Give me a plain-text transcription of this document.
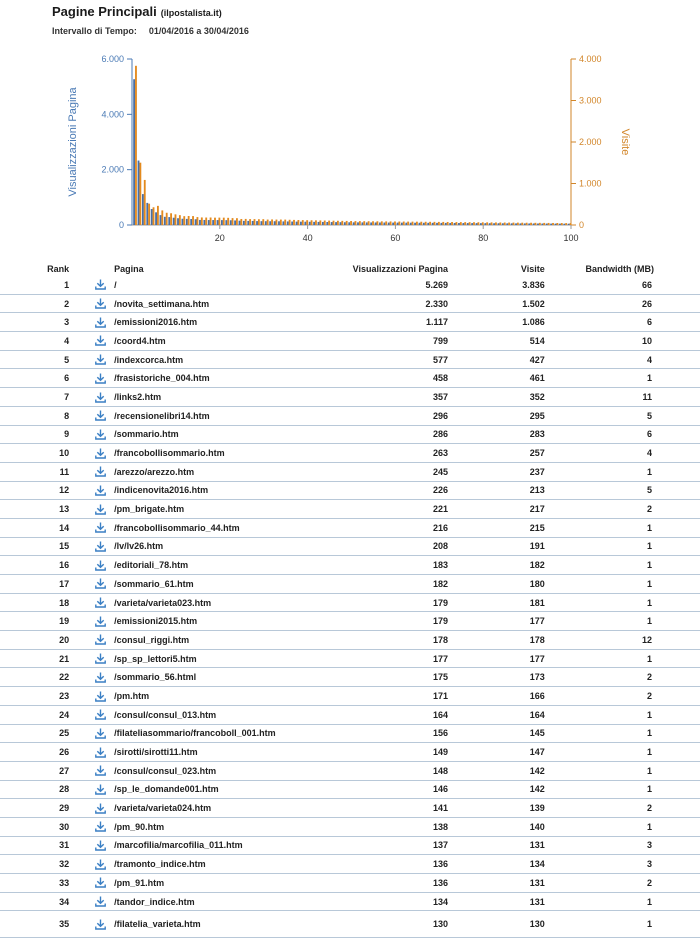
Pagine Principali (ilpostalista.it)
Intervallo di Tempo: 01/04/2016 a 30/04/2016
0
2.000
4.000
6.000
0
1.000
2.000
3.000
4.000
20	40	60	80	100
Visualizzazioni Pagina	Visite
Rank		Pagina	Visualizzazioni Pagina	Visite	Bandwidth (MB)
1		/	5.269	3.836	66
2		/novita_settimana.htm	2.330	1.502	26
3		/emissioni2016.htm	1.117	1.086	6
4		/coord4.htm	799	514	10
5		/indexcorca.htm	577	427	4
6		/frasistoriche_004.htm	458	461	1
7		/links2.htm	357	352	11
8		/recensionelibri14.htm	296	295	5
9		/sommario.htm	286	283	6
10		/francobollisommario.htm	263	257	4
11		/arezzo/arezzo.htm	245	237	1
12		/indicenovita2016.htm	226	213	5
13		/pm_brigate.htm	221	217	2
14		/francobollisommario_44.htm	216	215	1
15		/lv/lv26.htm	208	191	1
16		/editoriali_78.htm	183	182	1
17		/sommario_61.htm	182	180	1
18		/varieta/varieta023.htm	179	181	1
19		/emissioni2015.htm	179	177	1
20		/consul_riggi.htm	178	178	12
21		/sp_sp_lettori5.htm	177	177	1
22		/sommario_56.html	175	173	2
23		/pm.htm	171	166	2
24		/consul/consul_013.htm	164	164	1
25		/filateliasommario/francoboll_001.htm	156	145	1
26		/sirotti/sirotti11.htm	149	147	1
27		/consul/consul_023.htm	148	142	1
28		/sp_le_domande001.htm	146	142	1
29		/varieta/varieta024.htm	141	139	2
30		/pm_90.htm	138	140	1
31		/marcofilia/marcofilia_011.htm	137	131	3
32		/tramonto_indice.htm	136	134	3
33		/pm_91.htm	136	131	2
34		/tandor_indice.htm	134	131	1
35		/filatelia_varieta.htm	130	130	1
